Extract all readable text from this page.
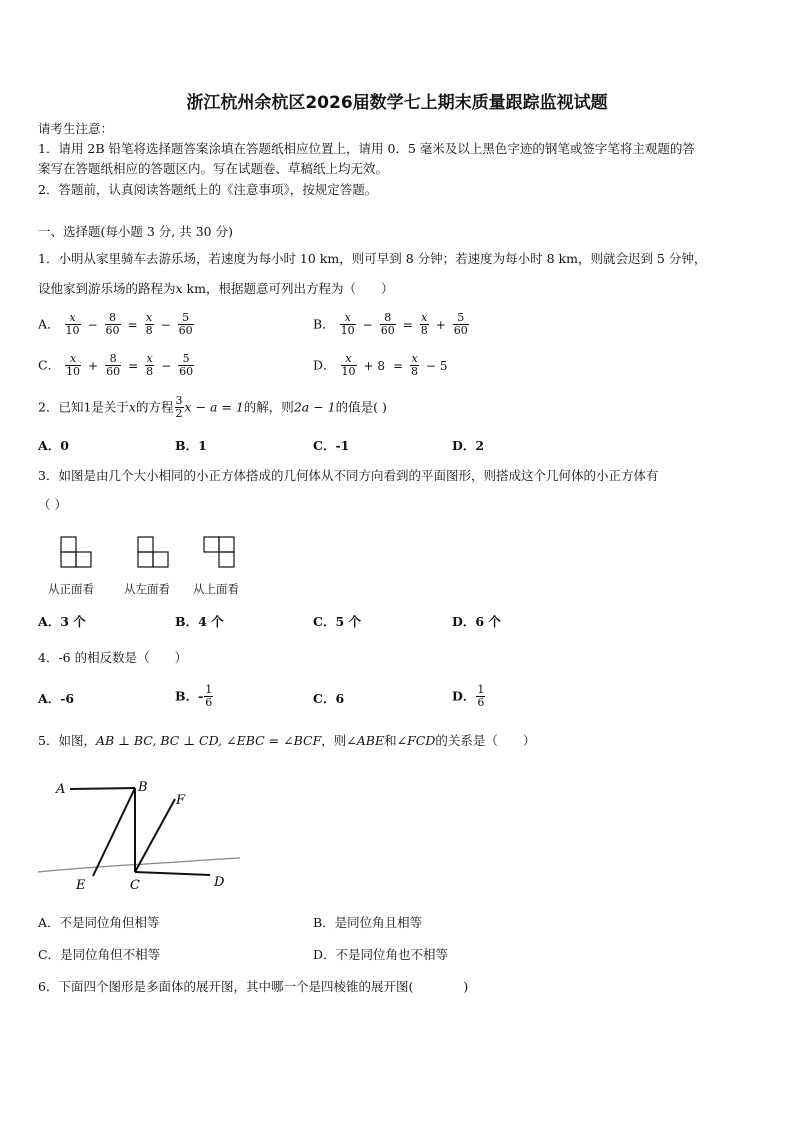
浙江杭州余杭区2026届数学七上期末质量跟踪监视试题
请考生注意：
1．请用 2B 铅笔将选择题答案涂填在答题纸相应位置上，请用 0．5 毫米及以上黑色字迹的钢笔或签字笔将主观题的答
案写在答题纸相应的答题区内。写在试题卷、草稿纸上均无效。
2．答题前，认真阅读答题纸上的《注意事项》，按规定答题。
一、选择题(每小题 3 分, 共 30 分)
1．小明从家里骑车去游乐场，若速度为每小时 10 km，则可早到 8 分钟；若速度为每小时 8 km，则就会迟到 5 分钟，
设他家到游乐场的路程为x km，根据题意可列出方程为（　　）
A． $\frac{x}{10} - \frac{8}{60} = \frac{x}{8} - \frac{5}{60}$	B． $\frac{x}{10} - \frac{8}{60} = \frac{x}{8} + \frac{5}{60}$
C． $\frac{x}{10} + \frac{8}{60} = \frac{x}{8} - \frac{5}{60}$	D． $\frac{x}{10} + 8 = \frac{x}{8} - 5$
2．已知1是关于x的方程 $\frac{3}{2}$ x − a = 1的解，则2a − 1的值是( )
A．0	B．1	C．-1	D．2
3．如图是由几个大小相同的小正方体搭成的几何体从不同方向看到的平面图形，则搭成这个几何体的小正方体有
（ ）
从正面看	从左面看 从上面看
A．3 个	B．4 个	C．5 个	D．6 个
4．-6 的相反数是（　　）
A．-6	B．- $\frac{1}{6}$	C．6	D． $\frac{1}{6}$
5．如图，AB ⊥ BC, BC ⊥ CD, ∠EBC = ∠BCF，则∠ABE和∠FCD的关系是（　　）
A	B
F
E	C	D
A．不是同位角但相等	B．是同位角且相等
C．是同位角但不相等	D．不是同位角也不相等
6．下面四个图形是多面体的展开图，其中哪一个是四棱锥的展开图(　　　　)
